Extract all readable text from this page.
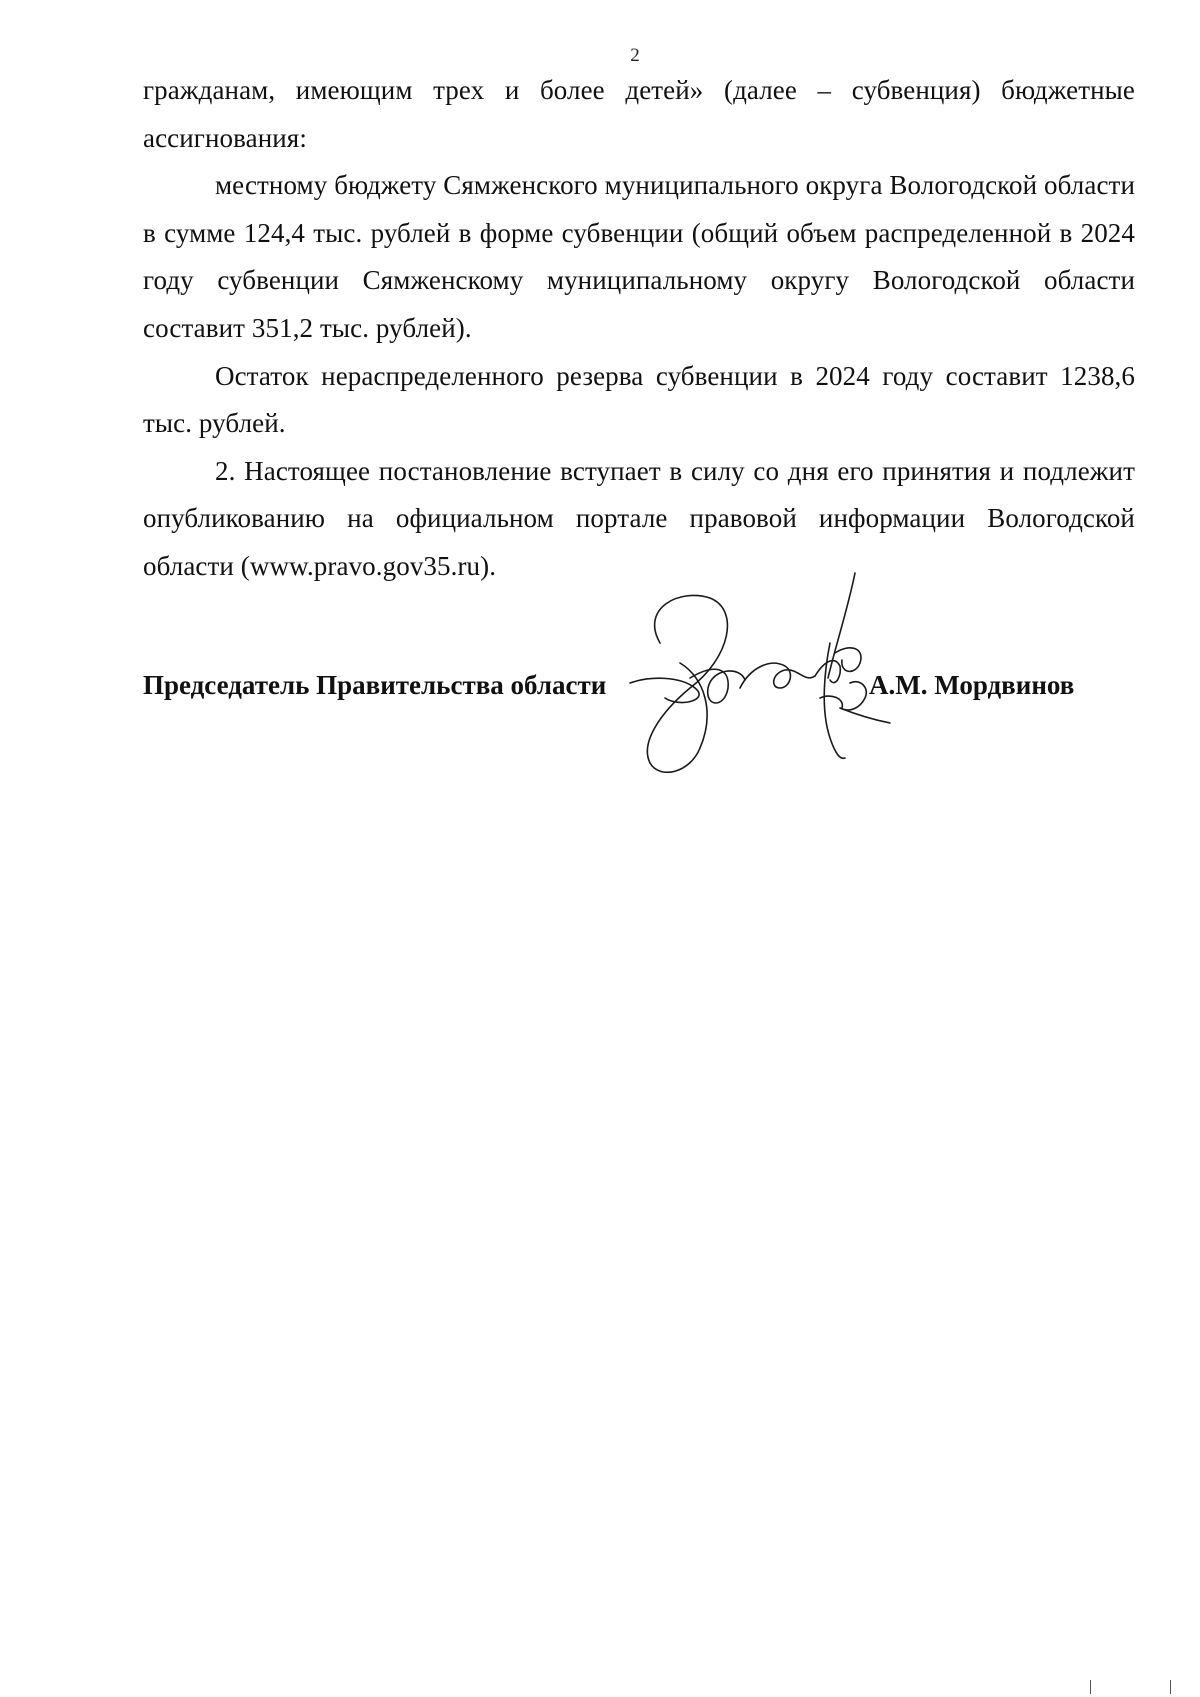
2

гражданам, имеющим трех и более детей» (далее – субвенция) бюджетные ассигнования:

местному бюджету Сямженского муниципального округа Вологодской области в сумме 124,4 тыс. рублей в форме субвенции (общий объем распределенной в 2024 году субвенции Сямженскому муниципальному округу Вологодской области составит 351,2 тыс. рублей).

Остаток нераспределенного резерва субвенции в 2024 году составит 1238,6 тыс. рублей.

2. Настоящее постановление вступает в силу со дня его принятия и подлежит опубликованию на официальном портале правовой информации Вологодской области (www.pravo.gov35.ru).

Председатель Правительства области	А.М. Мордвинов
